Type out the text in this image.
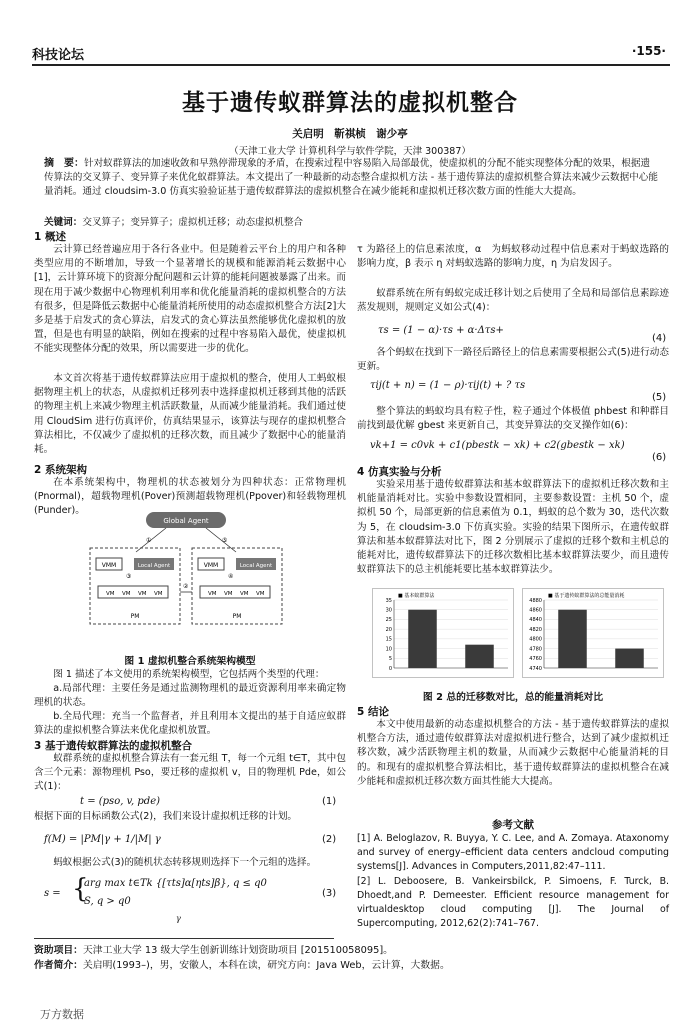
科技论坛	·155·
基于遗传蚁群算法的虚拟机整合
关启明　靳祺桢　谢少亭
（天津工业大学 计算机科学与软件学院，天津 300387）
摘　要：针对蚁群算法的加速收敛和早熟停滞现象的矛盾，在搜索过程中容易陷入局部最优，使虚拟机的分配不能实现整体分配的效果，根据遗传算法的交叉算子、变异算子来优化蚁群算法。本文提出了一种最新的动态整合虚拟机方法 - 基于遗传算法的虚拟机整合算法来减少云数据中心能量消耗。通过 cloudsim-3.0 仿真实验验证基于遗传蚁群算法的虚拟机整合在减少能耗和虚拟机迁移次数方面的性能大大提高。
关键词：交叉算子；变异算子；虚拟机迁移；动态虚拟机整合
1 概述
云计算已经普遍应用于各行各业中。但是随着云平台上的用户和各种类型应用的不断增加，导致一个显著增长的规模和能源消耗云数据中心[1]，云计算环境下的资源分配问题和云计算的能耗问题被暴露了出来。而现在用于减少数据中心物理机利用率和优化能量消耗的虚拟机整合的方法有很多，但是降低云数据中心能量消耗所使用的动态虚拟机整合方法[2]大多是基于启发式的贪心算法，启发式的贪心算法虽然能够优化虚拟机的放置，但是也有明显的缺陷，例如在搜索的过程中容易陷入最优，使虚拟机不能实现整体分配的效果，所以需要进一步的优化。
本文首次将基于遗传蚁群算法应用于虚拟机的整合，使用人工蚂蚁根据物理主机上的状态，从虚拟机迁移列表中选择虚拟机迁移到其他的活跃的物理主机上来减少物理主机活跃数量，从而减少能量消耗。我们通过使用 CloudSim 进行仿真评价，仿真结果显示，该算法与现存的虚拟机整合算法相比，不仅减少了虚拟机的迁移次数，而且减少了数据中心的能量消耗。
2 系统架构
在本系统架构中，物理机的状态被划分为四种状态：正常物理机(Pnormal)，超载物理机(Pover)预测超载物理机(Ppover)和轻载物理机(Punder)。
Global Agent
①	⑤
VMM	Local Agent
③
VM VM VM VM
PM
VMM	Local Agent
④
VM VM VM VM
PM
②
图 1 虚拟机整合系统架构模型
图 1 描述了本文使用的系统架构模型，它包括两个类型的代理：
a.局部代理：主要任务是通过监测物理机的最近资源利用率来确定物理机的状态。
b.全局代理：充当一个监督者，并且利用本文提出的基于自适应蚁群算法的虚拟机整合算法来优化虚拟机放置。
3 基于遗传蚁群算法的虚拟机整合
蚁群系统的虚拟机整合算法有一套元组 T，每一个元组 t∈T，其中包含三个元素：源物理机 Pso，要迁移的虚拟机 v，目的物理机 Pde，如公式(1)：
t = (pso, v, pde)	(1)
根据下面的目标函数公式(2)，我们来设计虚拟机迁移的计划。
f(M) = |PM|γ + 1/|M| γ	(2)
蚂蚁根据公式(3)的随机状态转移规则选择下一个元组的选择。
s = {
arg max t∈Tk {[τts]α[ηts]β}, q ≤ q0
S, q > q0
(3)
γ
τ 为路径上的信息素浓度，α　为蚂蚁移动过程中信息素对于蚂蚁选路的影响力度，β 表示 η 对蚂蚁选路的影响力度，η 为启发因子。
蚁群系统在所有蚂蚁完成迁移计划之后使用了全局和局部信息素踪迹蒸发规则，规则定义如公式(4)：
τs = (1 − α)·τs + α·Δτs+
(4)
各个蚂蚁在找到下一路径后路径上的信息素需要根据公式(5)进行动态更新。
τij(t + n) = (1 − ρ)·τij(t) + ? τs
(5)
整个算法的蚂蚁均具有粒子性，粒子通过个体极值 phbest 和种群目前找到最优解 gbest 来更新自己，其变异算法的交叉操作如(6)：
vk+1 = c0vk + c1(pbestk − xk) + c2(gbestk − xk)
(6)
4 仿真实验与分析
实验采用基于遗传蚁群算法和基本蚁群算法下的虚拟机迁移次数和主机能量消耗对比。实验中参数设置相同，主要参数设置：主机 50 个，虚拟机 50 个，局部更新的信息素值为 0.1，蚂蚁的总个数为 30，迭代次数为 5，在 cloudsim-3.0 下仿真实验。实验的结果下图所示，在遗传蚁群算法和基本蚁群算法对比下，图 2 分别展示了虚拟的迁移个数和主机总的能耗对比，遗传蚁群算法下的迁移次数相比基本蚁群算法要少，而且遗传蚁群算法下的总主机能耗要比基本蚁群算法少。
■ 基本蚁群算法
0
5
10
15
20
25
30
35
■ 基于遗传蚁群算法的总能量消耗
4740
4760
4780
4800
4820
4840
4860
4880
图 2 总的迁移数对比，总的能量消耗对比
5 结论
本文中使用最新的动态虚拟机整合的方法 - 基于遗传蚁群算法的虚拟机整合方法，通过遗传蚁群算法对虚拟机进行整合，达到了减少虚拟机迁移次数，减少活跃物理主机的数量，从而减少云数据中心能量消耗的目的。和现有的虚拟机整合算法相比，基于遗传蚁群算法的虚拟机整合在减少能耗和虚拟机迁移次数方面其性能大大提高。
参考文献
[1] A. Beloglazov, R. Buyya, Y. C. Lee, and A. Zomaya. Ataxonomy and survey of energy–efficient data centers andcloud computing systems[J]. Advances in Computers,2011,82:47–111.
[2] L. Deboosere, B. Vankeirsbilck, P. Simoens, F. Turck, B. Dhoedt,and P. Demeester. Efficient resource management for virtualdesktop cloud computing [J]. The Journal of Supercomputing, 2012,62(2):741–767.
资助项目：天津工业大学 13 级大学生创新训练计划资助项目 [201510058095]。
作者简介：关启明(1993–)，男，安徽人，本科在读，研究方向：Java Web，云计算，大数据。
万方数据
